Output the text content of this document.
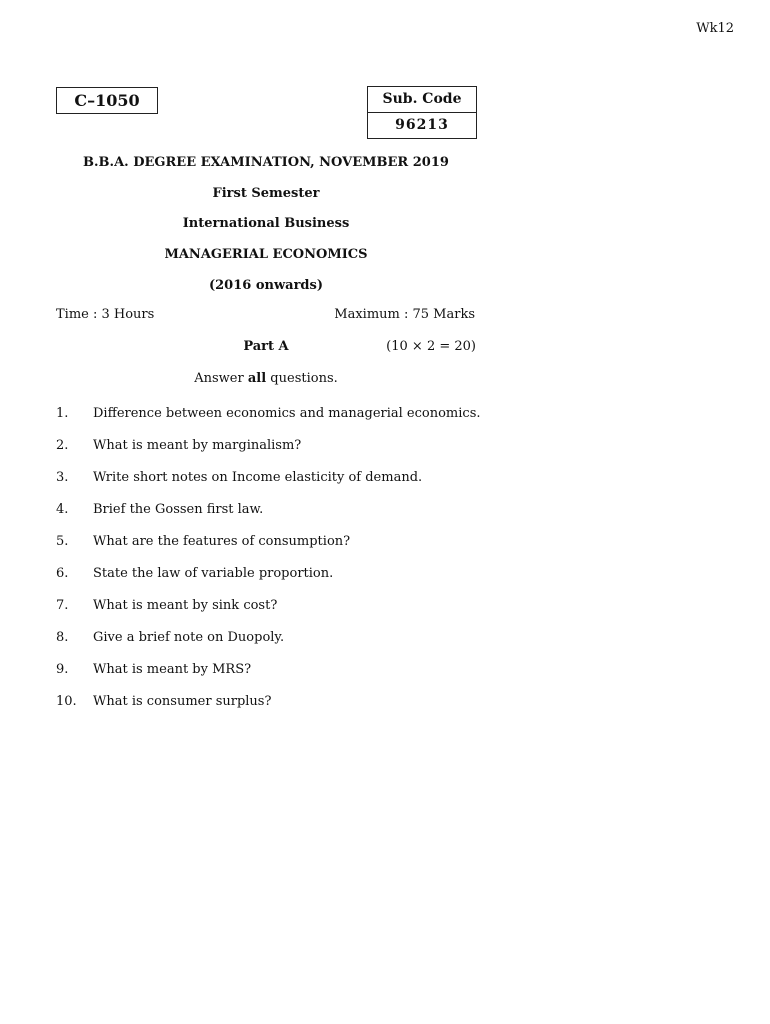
Wk12
C–1050	Sub. Code
96213
B.B.A. DEGREE EXAMINATION, NOVEMBER 2019
First Semester
International Business
MANAGERIAL ECONOMICS
(2016 onwards)
Time : 3 Hours	Maximum : 75 Marks
Part A	(10 × 2 = 20)
Answer all questions.
1.	Difference between economics and managerial economics.
2.	What is meant by marginalism?
3.	Write short notes on Income elasticity of demand.
4.	Brief the Gossen first law.
5.	What are the features of consumption?
6.	State the law of variable proportion.
7.	What is meant by sink cost?
8.	Give a brief note on Duopoly.
9.	What is meant by MRS?
10.	What is consumer surplus?
